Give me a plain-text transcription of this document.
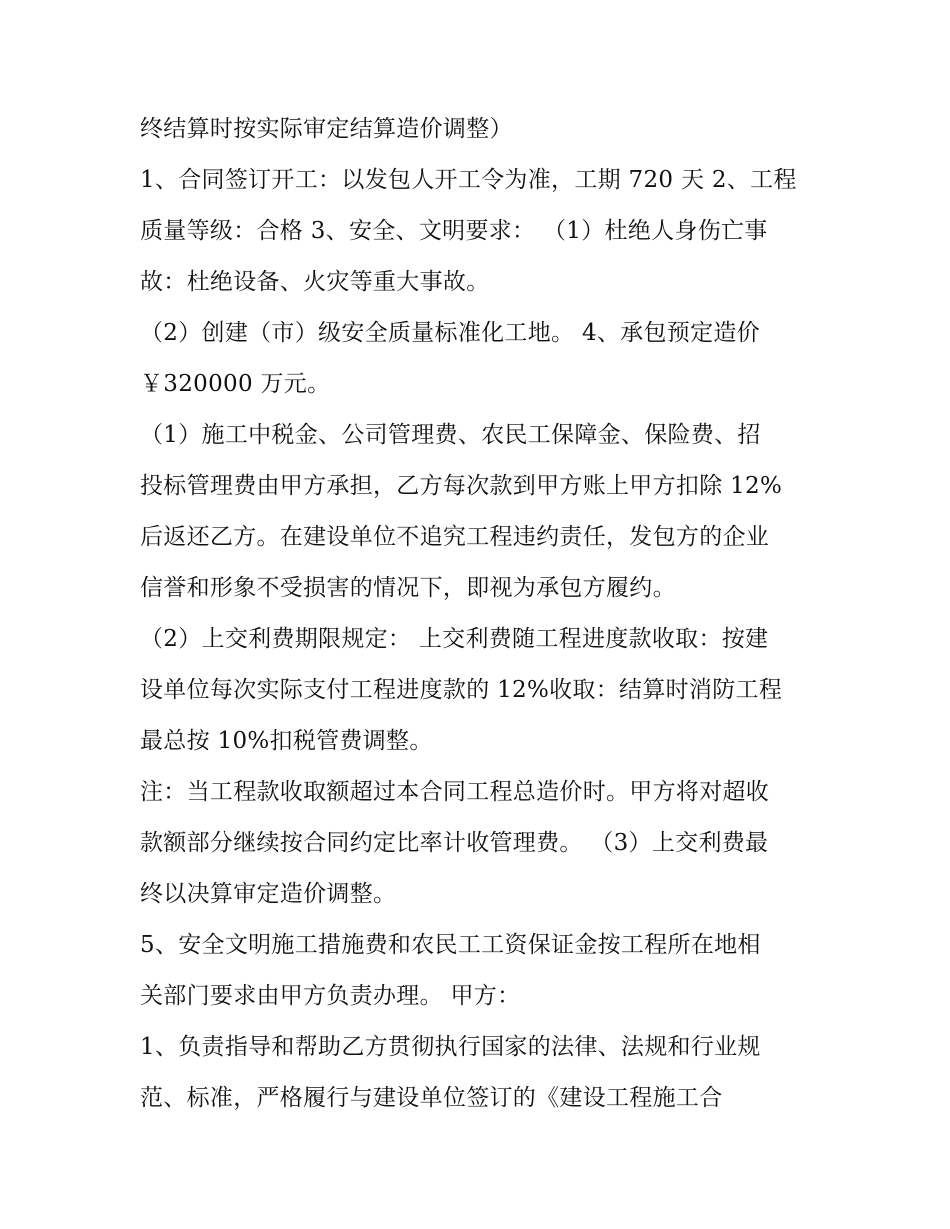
终结算时按实际审定结算造价调整）
1、合同签订开工：以发包人开工令为准，工期 720 天 2、工程
质量等级：合格 3、安全、文明要求： （1）杜绝人身伤亡事
故：杜绝设备、火灾等重大事故。
（2）创建（市）级安全质量标准化工地。 4、承包预定造价
￥320000 万元。
（1）施工中税金、公司管理费、农民工保障金、保险费、招
投标管理费由甲方承担，乙方每次款到甲方账上甲方扣除 12%
后返还乙方。在建设单位不追究工程违约责任，发包方的企业
信誉和形象不受损害的情况下，即视为承包方履约。
（2）上交利费期限规定： 上交利费随工程进度款收取：按建
设单位每次实际支付工程进度款的 12%收取：结算时消防工程
最总按 10%扣税管费调整。
注：当工程款收取额超过本合同工程总造价时。甲方将对超收
款额部分继续按合同约定比率计收管理费。 （3）上交利费最
终以决算审定造价调整。
5、安全文明施工措施费和农民工工资保证金按工程所在地相
关部门要求由甲方负责办理。 甲方：
1、负责指导和帮助乙方贯彻执行国家的法律、法规和行业规
范、标准，严格履行与建设单位签订的《建设工程施工合
